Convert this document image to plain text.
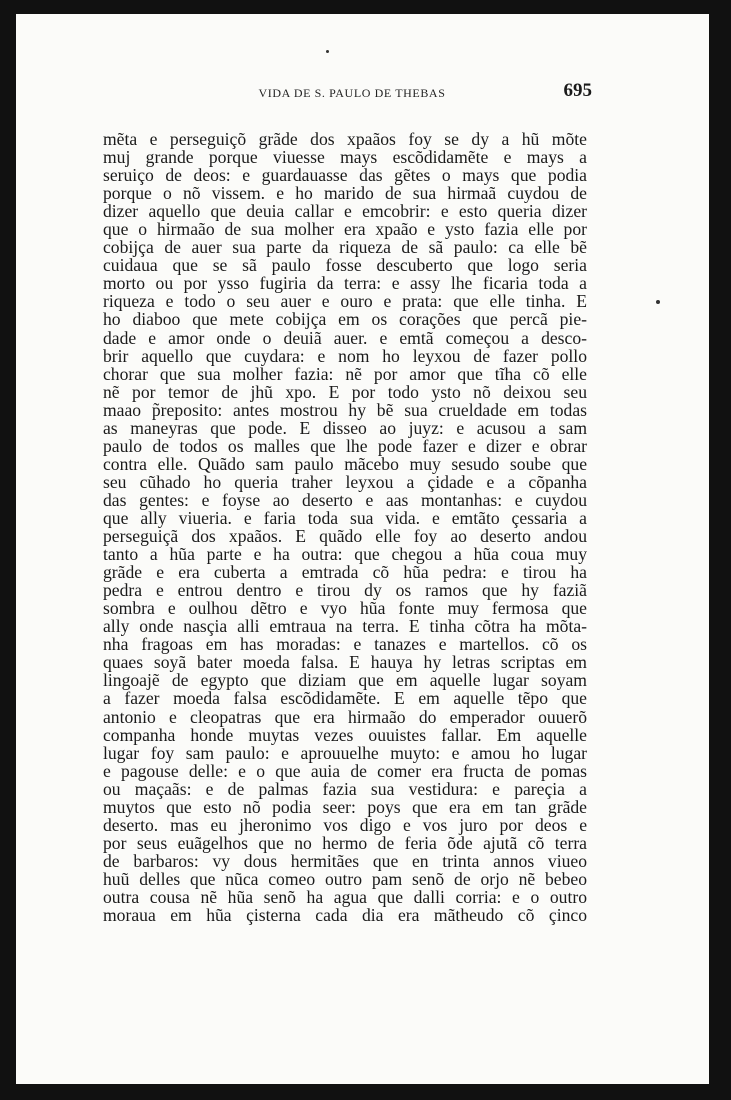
VIDA DE S. PAULO DE THEBAS	695
mẽta e perseguiçõ grãde dos xpaãos foy se dy a hũ mõte
muj grande porque viuesse mays escõdidamẽte e mays a
seruiço de deos: e guardauasse das gẽtes o mays que podia
porque o nõ vissem. e ho marido de sua hirmaã cuydou de
dizer aquello que deuia callar e emcobrir: e esto queria dizer
que o hirmaão de sua molher era xpaão e ysto fazia elle por
cobijça de auer sua parte da riqueza de sã paulo: ca elle bẽ
cuidaua que se sã paulo fosse descuberto que logo seria
morto ou por ysso fugiria da terra: e assy lhe ficaria toda a
riqueza e todo o seu auer e ouro e prata: que elle tinha. E
ho diaboo que mete cobijça em os corações que percã pie-
dade e amor onde o deuiã auer. e emtã começou a desco-
brir aquello que cuydara: e nom ho leyxou de fazer pollo
chorar que sua molher fazia: nẽ por amor que tĩha cõ elle
nẽ por temor de jhũ xpo. E por todo ysto nõ deixou seu
maao p̃reposito: antes mostrou hy bẽ sua crueldade em todas
as maneyras que pode. E disseo ao juyz: e acusou a sam
paulo de todos os malles que lhe pode fazer e dizer e obrar
contra elle. Quãdo sam paulo mãcebo muy sesudo soube que
seu cũhado ho queria traher leyxou a çidade e a cõpanha
das gentes: e foyse ao deserto e aas montanhas: e cuydou
que ally viueria. e faria toda sua vida. e emtãto çessaria a
perseguiçã dos xpaãos. E quãdo elle foy ao deserto andou
tanto a hũa parte e ha outra: que chegou a hũa coua muy
grãde e era cuberta a emtrada cõ hũa pedra: e tirou ha
pedra e entrou dentro e tirou dy os ramos que hy faziã
sombra e oulhou dẽtro e vyo hũa fonte muy fermosa que
ally onde nasçia alli emtraua na terra. E tinha cõtra ha mõta-
nha fragoas em has moradas: e tanazes e martellos. cõ os
quaes soyã bater moeda falsa. E hauya hy letras scriptas em
lingoajẽ de egypto que diziam que em aquelle lugar soyam
a fazer moeda falsa escõdidamẽte. E em aquelle tẽpo que
antonio e cleopatras que era hirmaão do emperador ouuerõ
companha honde muytas vezes ouuistes fallar. Em aquelle
lugar foy sam paulo: e aprouuelhe muyto: e amou ho lugar
e pagouse delle: e o que auia de comer era fructa de pomas
ou maçaãs: e de palmas fazia sua vestidura: e pareçia a
muytos que esto nõ podia seer: poys que era em tan grãde
deserto. mas eu jheronimo vos digo e vos juro por deos e
por seus euãgelhos que no hermo de feria õde ajutã cõ terra
de barbaros: vy dous hermitães que en trinta annos viueo
huũ delles que nũca comeo outro pam senõ de orjo nẽ bebeo
outra cousa nẽ hũa senõ ha agua que dalli corria: e o outro
moraua em hũa çisterna cada dia era mãtheudo cõ çinco
